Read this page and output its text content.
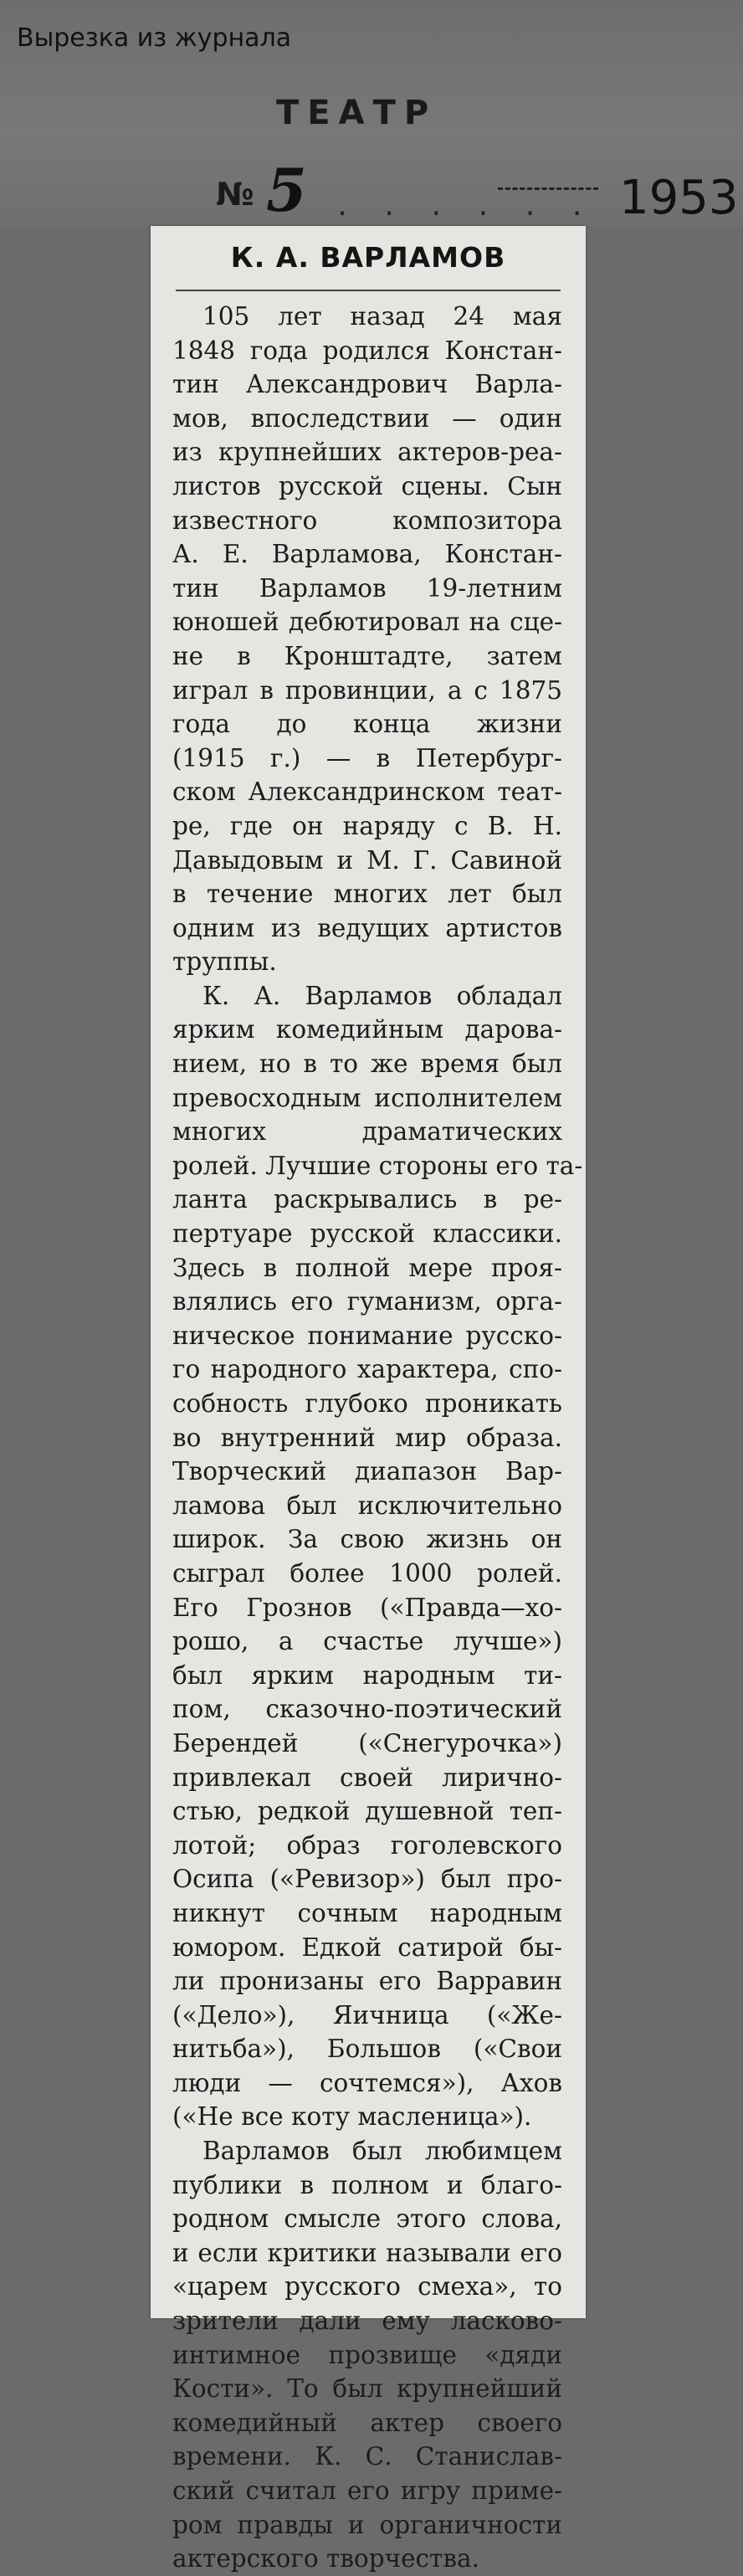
Вырезка из журнала
ТЕАТР
№ 5 . . . . . . 1953
К. А. ВАРЛАМОВ
105 лет назад 24 мая
1848 года родился Констан-
тин Александрович Варла-
мов, впоследствии — один
из крупнейших актеров-реа-
листов русской сцены. Сын
известного композитора
А. Е. Варламова, Констан-
тин Варламов 19-летним
юношей дебютировал на сце-
не в Кронштадте, затем
играл в провинции, а с 1875
года до конца жизни
(1915 г.) — в Петербург-
ском Александринском теат-
ре, где он наряду с В. Н.
Давыдовым и М. Г. Савиной
в течение многих лет был
одним из ведущих артистов
труппы.
К. А. Варламов обладал
ярким комедийным дарова-
нием, но в то же время был
превосходным исполнителем
многих драматических
ролей. Лучшие стороны его та-
ланта раскрывались в ре-
пертуаре русской классики.
Здесь в полной мере проя-
влялись его гуманизм, орга-
ническое понимание русско-
го народного характера, спо-
собность глубоко проникать
во внутренний мир образа.
Творческий диапазон Вар-
ламова был исключительно
широк. За свою жизнь он
сыграл более 1000 ролей.
Его Грознов («Правда—хо-
рошо, а счастье лучше»)
был ярким народным ти-
пом, сказочно-поэтический
Берендей («Снегурочка»)
привлекал своей лирично-
стью, редкой душевной теп-
лотой; образ гоголевского
Осипа («Ревизор») был про-
никнут сочным народным
юмором. Едкой сатирой бы-
ли пронизаны его Варравин
(«Дело»), Яичница («Же-
нитьба»), Большов («Свои
люди — сочтемся»), Ахов
(«Не все коту масленица»).
Варламов был любимцем
публики в полном и благо-
родном смысле этого слова,
и если критики называли его
«царем русского смеха», то
зрители дали ему ласково-
интимное прозвище «дяди
Кости». То был крупнейший
комедийный актер своего
времени. К. С. Станислав-
ский считал его игру приме-
ром правды и органичности
актерского творчества.
